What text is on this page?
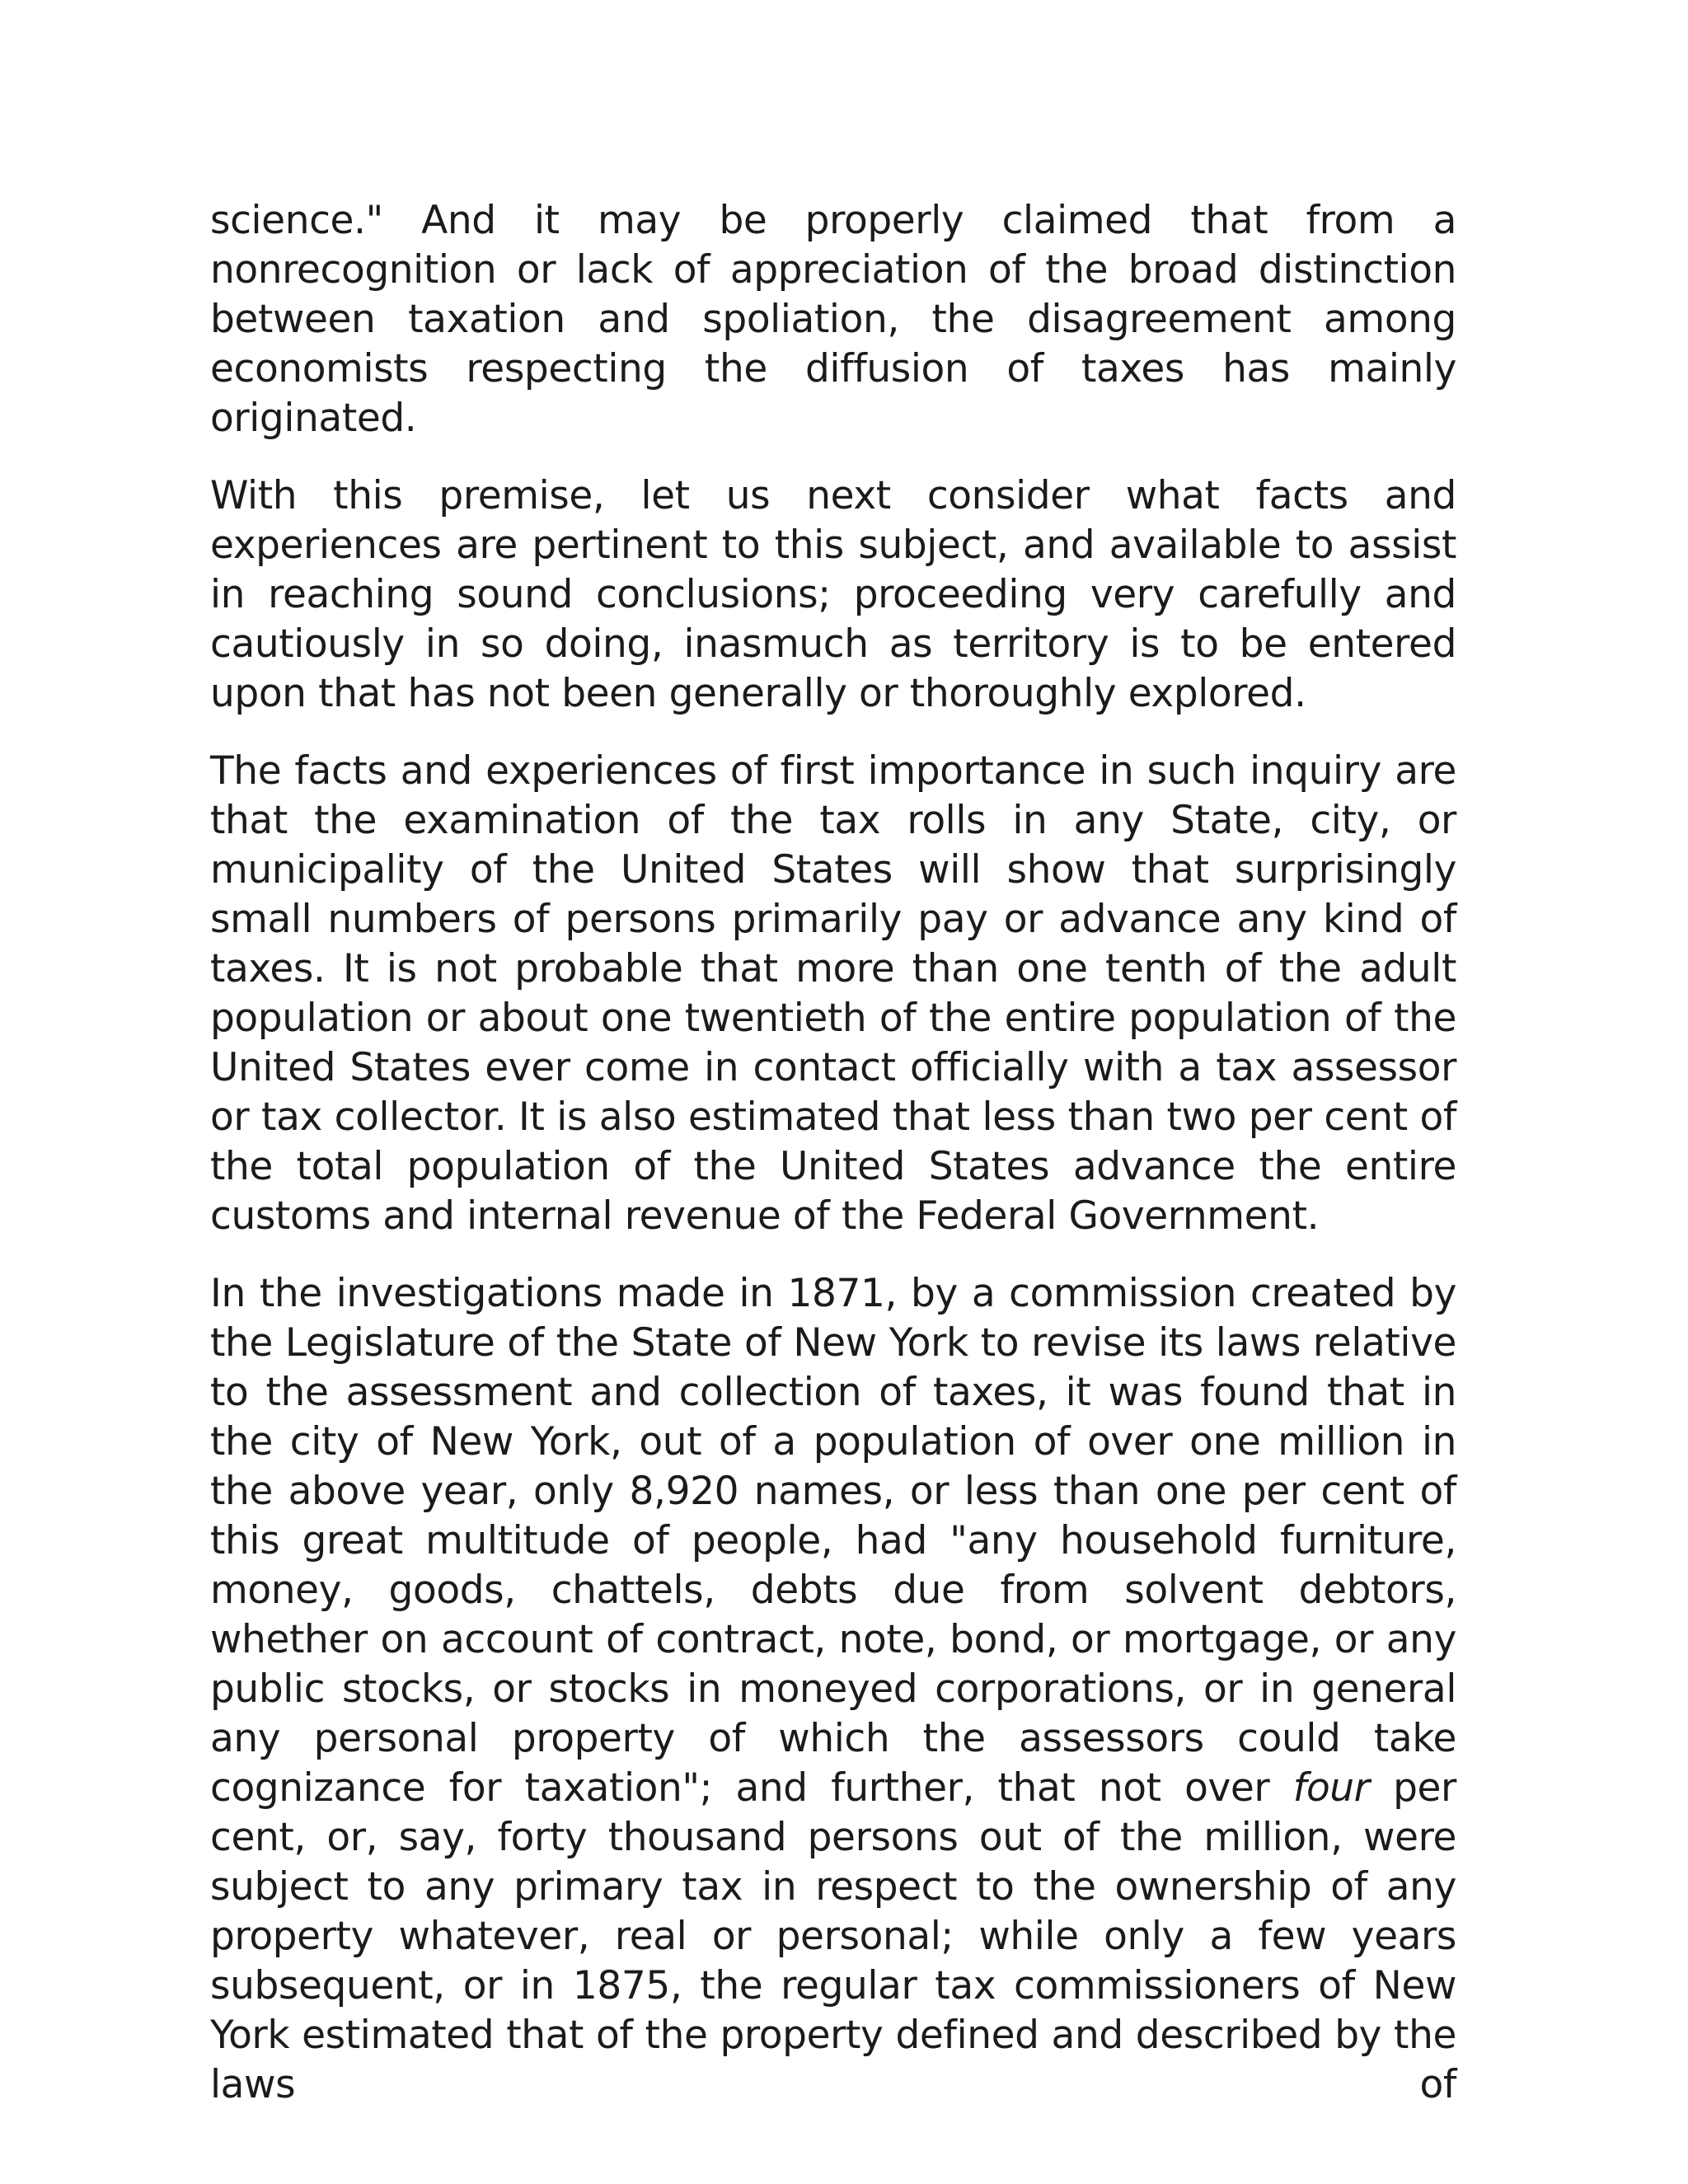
science." And it may be properly claimed that from a nonrecognition or lack of appreciation of the broad distinction between taxation and spoliation, the disagreement among economists respecting the diffusion of taxes has mainly originated.

With this premise, let us next consider what facts and experiences are pertinent to this subject, and available to assist in reaching sound conclusions; proceeding very carefully and cautiously in so doing, inasmuch as territory is to be entered upon that has not been generally or thoroughly explored.

The facts and experiences of first importance in such inquiry are that the examination of the tax rolls in any State, city, or municipality of the United States will show that surprisingly small numbers of persons primarily pay or advance any kind of taxes. It is not probable that more than one tenth of the adult population or about one twentieth of the entire population of the United States ever come in contact officially with a tax assessor or tax collector. It is also estimated that less than two per cent of the total population of the United States advance the entire customs and internal revenue of the Federal Government.

In the investigations made in 1871, by a commission created by the Legislature of the State of New York to revise its laws relative to the assessment and collection of taxes, it was found that in the city of New York, out of a population of over one million in the above year, only 8,920 names, or less than one per cent of this great multitude of people, had "any household furniture, money, goods, chattels, debts due from solvent debtors, whether on account of contract, note, bond, or mortgage, or any public stocks, or stocks in moneyed corporations, or in general any personal property of which the assessors could take cognizance for taxation"; and further, that not over four per cent, or, say, forty thousand persons out of the million, were subject to any primary tax in respect to the ownership of any property whatever, real or personal; while only a few years subsequent, or in 1875, the regular tax commissioners of New York estimated that of the property defined and described by the laws of
